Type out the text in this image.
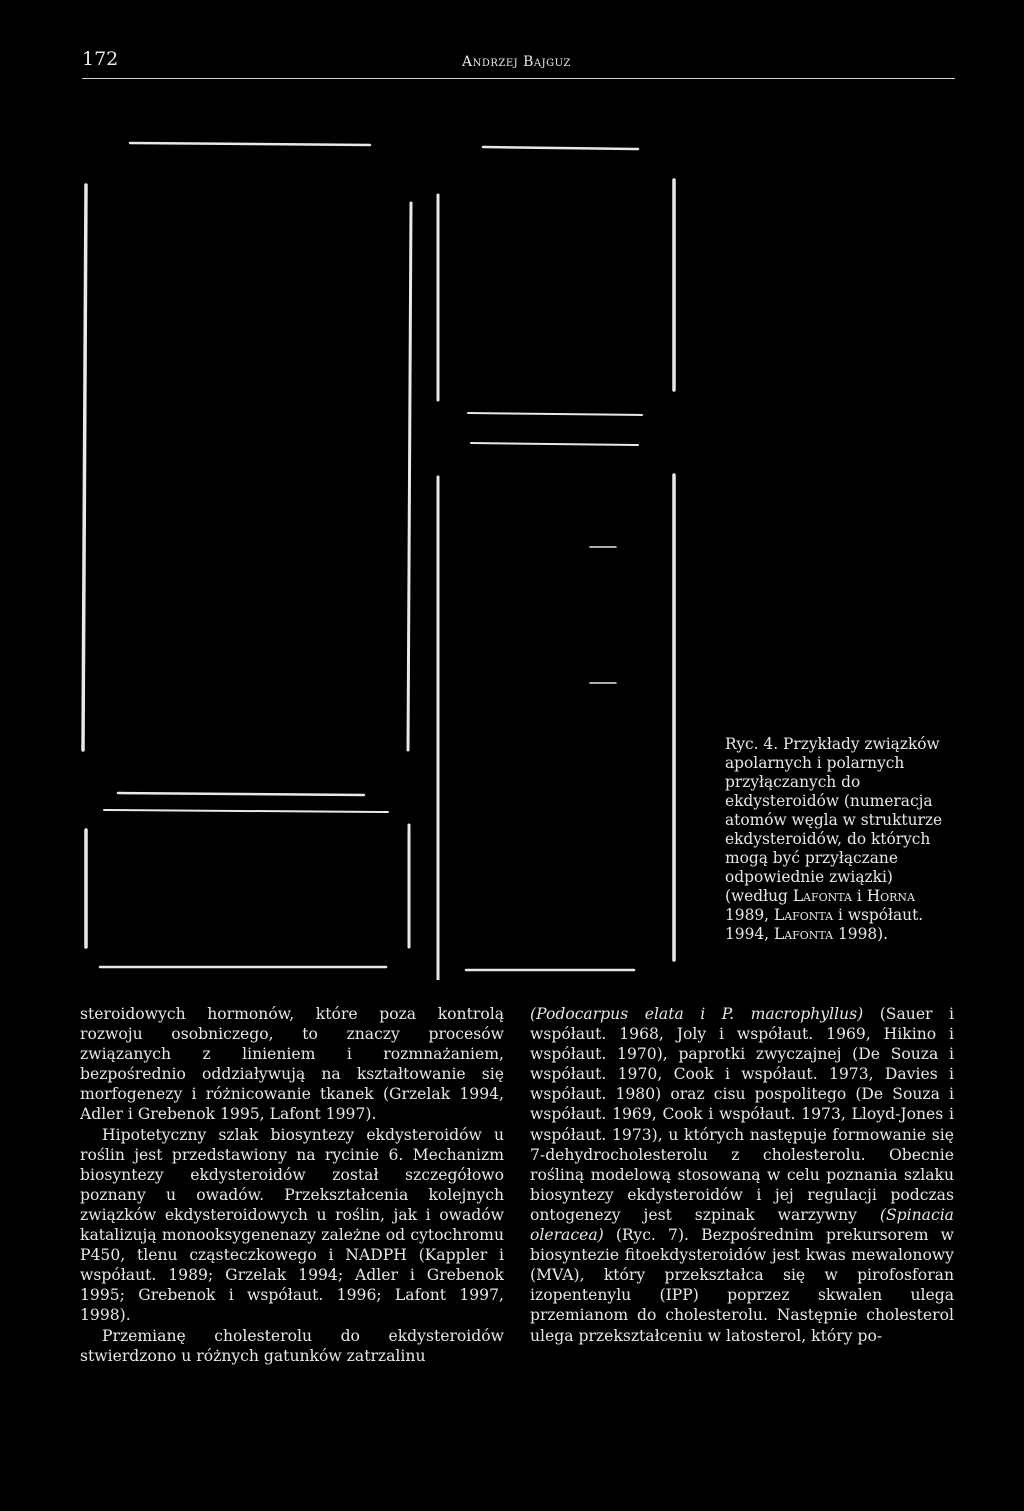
172	Andrzej Bajguz
Ryc. 4. Przykłady związków apolarnych i polarnych przyłączanych do ekdysteroidów (numeracja atomów węgla w strukturze ekdysteroidów, do których mogą być przyłączane odpowiednie związki) (według Lafonta i Horna 1989, Lafonta i współaut. 1994, Lafonta 1998).

steroidowych hormonów, które poza kontrolą rozwoju osobniczego, to znaczy procesów związanych z linieniem i rozmnażaniem, bezpośrednio oddziaływują na kształtowanie się morfogenezy i różnicowanie tkanek (Grzelak 1994, Adler i Grebenok 1995, Lafont 1997).

Hipotetyczny szlak biosyntezy ekdysteroidów u roślin jest przedstawiony na rycinie 6. Mechanizm biosyntezy ekdysteroidów został szczegółowo poznany u owadów. Przekształcenia kolejnych związków ekdysteroidowych u roślin, jak i owadów katalizują monooksygenenazy zależne od cytochromu P450, tlenu cząsteczkowego i NADPH (Kappler i współaut. 1989; Grzelak 1994; Adler i Grebenok 1995; Grebenok i współaut. 1996; Lafont 1997, 1998).

Przemianę cholesterolu do ekdysteroidów stwierdzono u różnych gatunków zatrzalinu

(Podocarpus elata i P. macrophyllus) (Sauer i współaut. 1968, Joly i współaut. 1969, Hikino i współaut. 1970), paprotki zwyczajnej (De Souza i współaut. 1970, Cook i współaut. 1973, Davies i współaut. 1980) oraz cisu pospolitego (De Souza i współaut. 1969, Cook i współaut. 1973, Lloyd-Jones i współaut. 1973), u których następuje formowanie się 7-dehydrocholesterolu z cholesterolu. Obecnie rośliną modelową stosowaną w celu poznania szlaku biosyntezy ekdysteroidów i jej regulacji podczas ontogenezy jest szpinak warzywny (Spinacia oleracea) (Ryc. 7). Bezpośrednim prekursorem w biosyntezie fitoekdysteroidów jest kwas mewalonowy (MVA), który przekształca się w pirofosforan izopentenylu (IPP) poprzez skwalen ulega przemianom do cholesterolu. Następnie cholesterol ulega przekształceniu w latosterol, który po-
